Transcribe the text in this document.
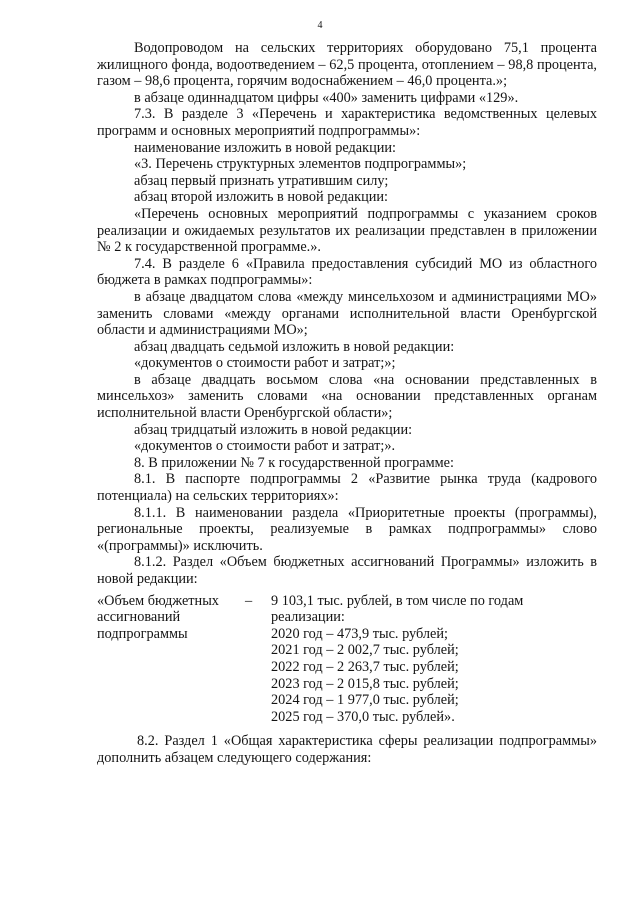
4

Водопроводом на сельских территориях оборудовано 75,1 процента жилищного фонда, водоотведением – 62,5 процента, отоплением – 98,8 процента, газом – 98,6 процента, горячим водоснабжением – 46,0 процента.»;

в абзаце одиннадцатом цифры «400» заменить цифрами «129».

7.3. В разделе 3 «Перечень и характеристика ведомственных целевых программ и основных мероприятий подпрограммы»:

наименование изложить в новой редакции:

«3. Перечень структурных элементов подпрограммы»;

абзац первый признать утратившим силу;

абзац второй изложить в новой редакции:

«Перечень основных мероприятий подпрограммы с указанием сроков реализации и ожидаемых результатов их реализации представлен в приложении № 2 к государственной программе.».

7.4. В разделе 6 «Правила предоставления субсидий МО из областного бюджета в рамках подпрограммы»:

в абзаце двадцатом слова «между минсельхозом и администрациями МО» заменить словами «между органами исполнительной власти Оренбургской области и администрациями МО»;

абзац двадцать седьмой изложить в новой редакции:

«документов о стоимости работ и затрат;»;

в абзаце двадцать восьмом слова «на основании представленных в минсельхоз» заменить словами «на основании представленных органам исполнительной власти Оренбургской области»;

абзац тридцатый изложить в новой редакции:

«документов о стоимости работ и затрат;».

8. В приложении № 7 к государственной программе:

8.1. В паспорте подпрограммы 2 «Развитие рынка труда (кадрового потенциала) на сельских территориях»:

8.1.1. В наименовании раздела «Приоритетные проекты (программы), региональные проекты, реализуемые в рамках подпрограммы» слово «(программы)» исключить.

8.1.2. Раздел «Объем бюджетных ассигнований Программы» изложить в новой редакции:

«Объем бюджетных ассигнований подпрограммы
–	9 103,1 тыс. рублей, в том числе по годам реализации:
2020 год – 473,9 тыс. рублей;
2021 год – 2 002,7 тыс. рублей;
2022 год – 2 263,7 тыс. рублей;
2023 год – 2 015,8 тыс. рублей;
2024 год – 1 977,0 тыс. рублей;
2025 год – 370,0 тыс. рублей».

8.2. Раздел 1 «Общая характеристика сферы реализации подпрограммы» дополнить абзацем следующего содержания:
